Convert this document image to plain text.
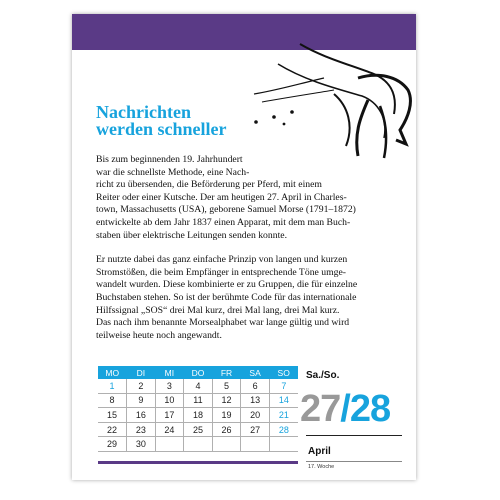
Nachrichten
werden schneller

Bis zum beginnenden 19. Jahrhundert
war die schnellste Methode, eine Nach-
richt zu übersenden, die Beförderung per Pferd, mit einem
Reiter oder einer Kutsche. Der am heutigen 27. April in Charles-
town, Massachusetts (USA), geborene Samuel Morse (1791–1872)
entwickelte ab dem Jahr 1837 einen Apparat, mit dem man Buch-
staben über elektrische Leitungen senden konnte.

Er nutzte dabei das ganz einfache Prinzip von langen und kurzen
Stromstößen, die beim Empfänger in entsprechende Töne umge-
wandelt wurden. Diese kombinierte er zu Gruppen, die für einzelne
Buchstaben stehen. So ist der berühmte Code für das internationale
Hilfssignal „SOS“ drei Mal kurz, drei Mal lang, drei Mal kurz.
Das nach ihm benannte Morsealphabet war lange gültig und wird
teilweise heute noch angewandt.

MO	DI	MI	DO	FR	SA	SO
1	2	3	4	5	6	7
8	9	10	11	12	13	14
15	16	17	18	19	20	21
22	23	24	25	26	27	28
29	30					
Sa./So.
27/28
April
17. Woche
